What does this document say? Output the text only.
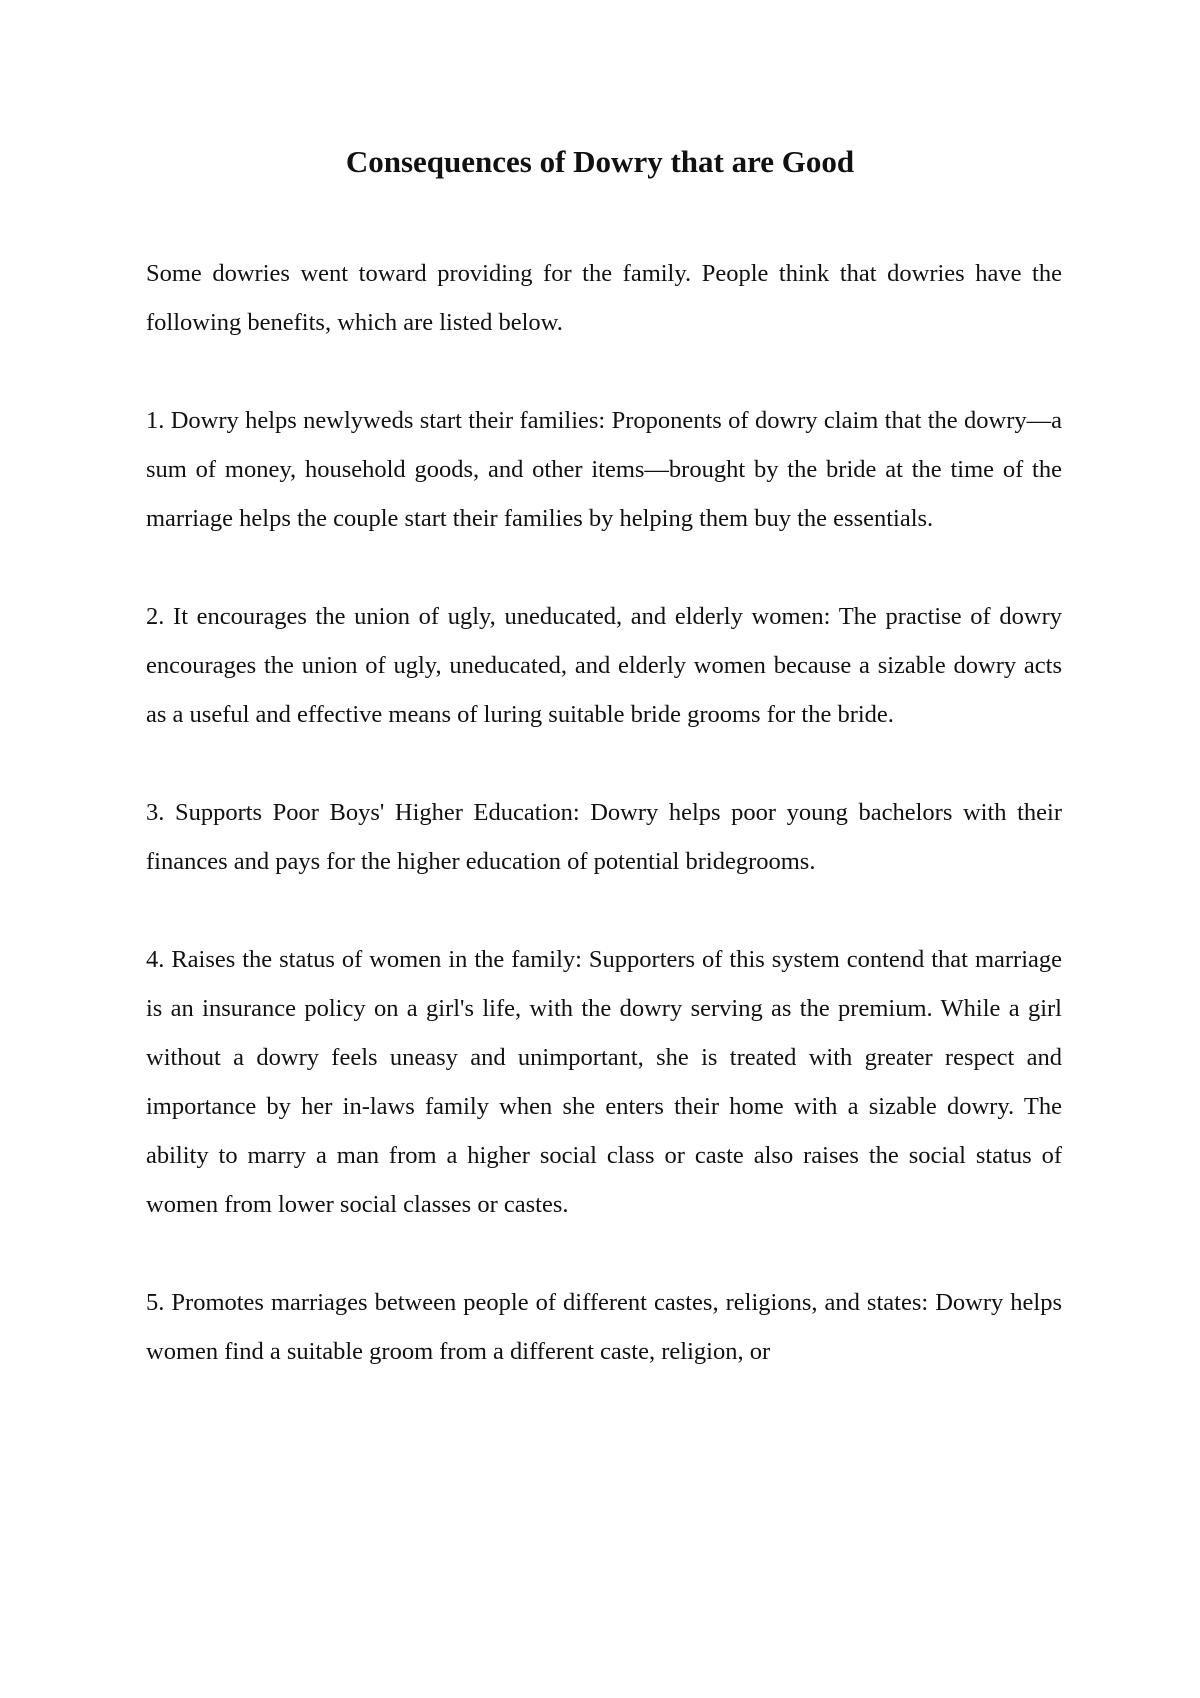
Consequences of Dowry that are Good

Some dowries went toward providing for the family. People think that dowries have the following benefits, which are listed below.

1. Dowry helps newlyweds start their families: Proponents of dowry claim that the dowry—a sum of money, household goods, and other items—brought by the bride at the time of the marriage helps the couple start their families by helping them buy the essentials.

2. It encourages the union of ugly, uneducated, and elderly women: The practise of dowry encourages the union of ugly, uneducated, and elderly women because a sizable dowry acts as a useful and effective means of luring suitable bride grooms for the bride.

3. Supports Poor Boys' Higher Education: Dowry helps poor young bachelors with their finances and pays for the higher education of potential bridegrooms.

4. Raises the status of women in the family: Supporters of this system contend that marriage is an insurance policy on a girl's life, with the dowry serving as the premium. While a girl without a dowry feels uneasy and unimportant, she is treated with greater respect and importance by her in-laws family when she enters their home with a sizable dowry. The ability to marry a man from a higher social class or caste also raises the social status of women from lower social classes or castes.

5. Promotes marriages between people of different castes, religions, and states: Dowry helps women find a suitable groom from a different caste, religion, or
